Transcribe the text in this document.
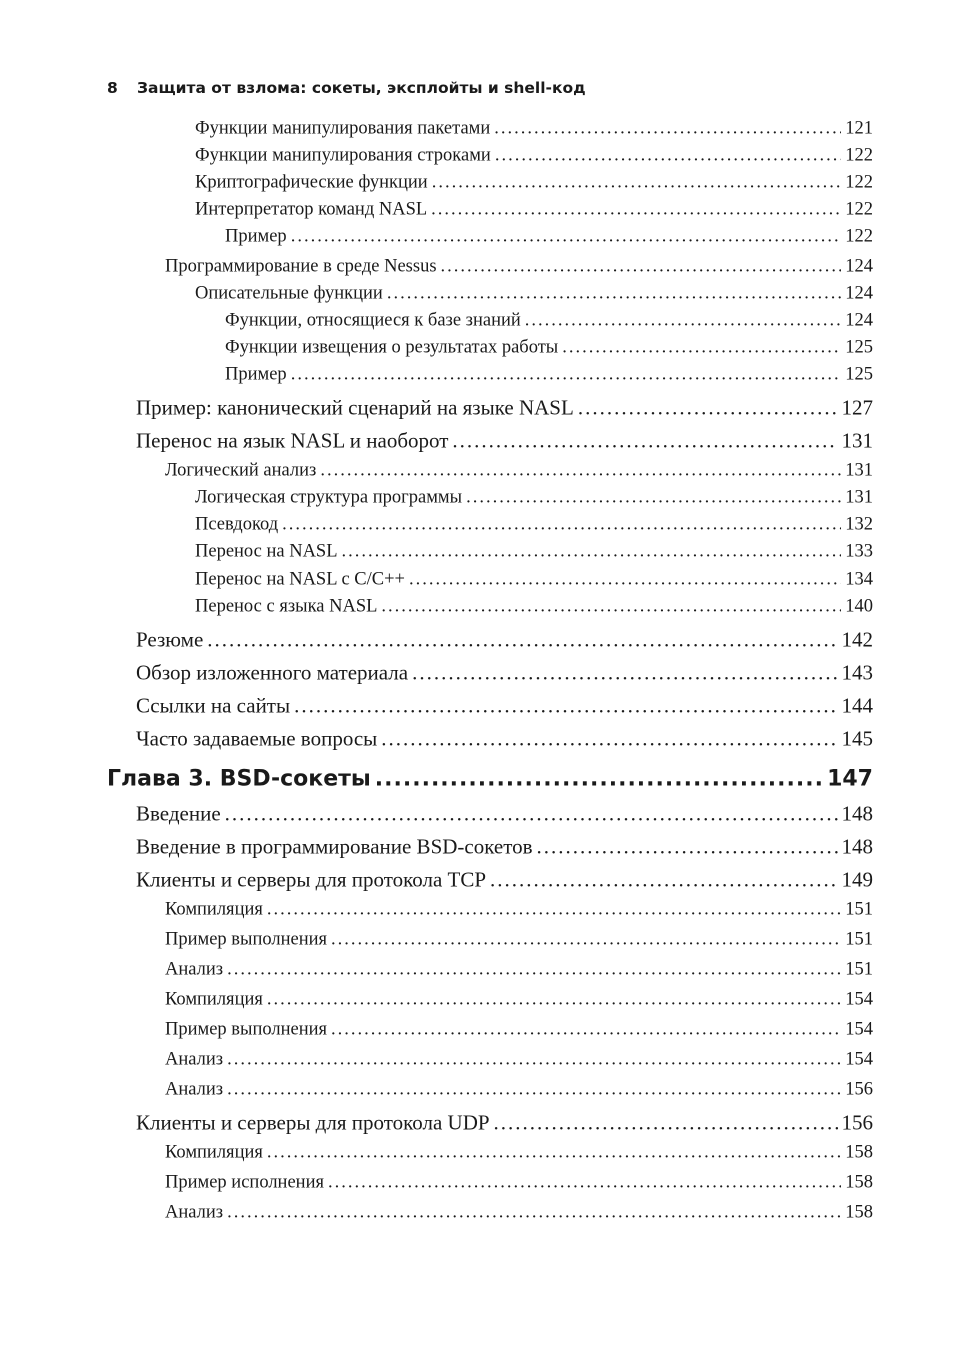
8 Защита от взлома: сокеты, эксплойты и shell-код
Функции манипулирования пакетами .....	121
Функции манипулирования строками .....	122
Криптографические функции .....	122
Интерпретатор команд NASL .....	122
Пример .....	122
Программирование в среде Nessus .....	124
Описательные функции .....	124
Функции, относящиеся к базе знаний .....	124
Функции извещения о результатах работы .....	125
Пример .....	125
Пример: канонический сценарий на языке NASL .....	127
Перенос на язык NASL и наоборот .....	131
Логический анализ .....	131
Логическая структура программы .....	131
Псевдокод .....	132
Перенос на NASL .....	133
Перенос на NASL с C/C++ .....	134
Перенос с языка NASL .....	140
Резюме .....	142
Обзор изложенного материала .....	143
Ссылки на сайты .....	144
Часто задаваемые вопросы .....	145
Глава 3. BSD-сокеты .....	147
Введение .....	148
Введение в программирование BSD-сокетов .....	148
Клиенты и серверы для протокола TCP .....	149
Компиляция .....	151
Пример выполнения .....	151
Анализ .....	151
Компиляция .....	154
Пример выполнения .....	154
Анализ .....	154
Анализ .....	156
Клиенты и серверы для протокола UDP .....	156
Компиляция .....	158
Пример исполнения .....	158
Анализ .....	158
